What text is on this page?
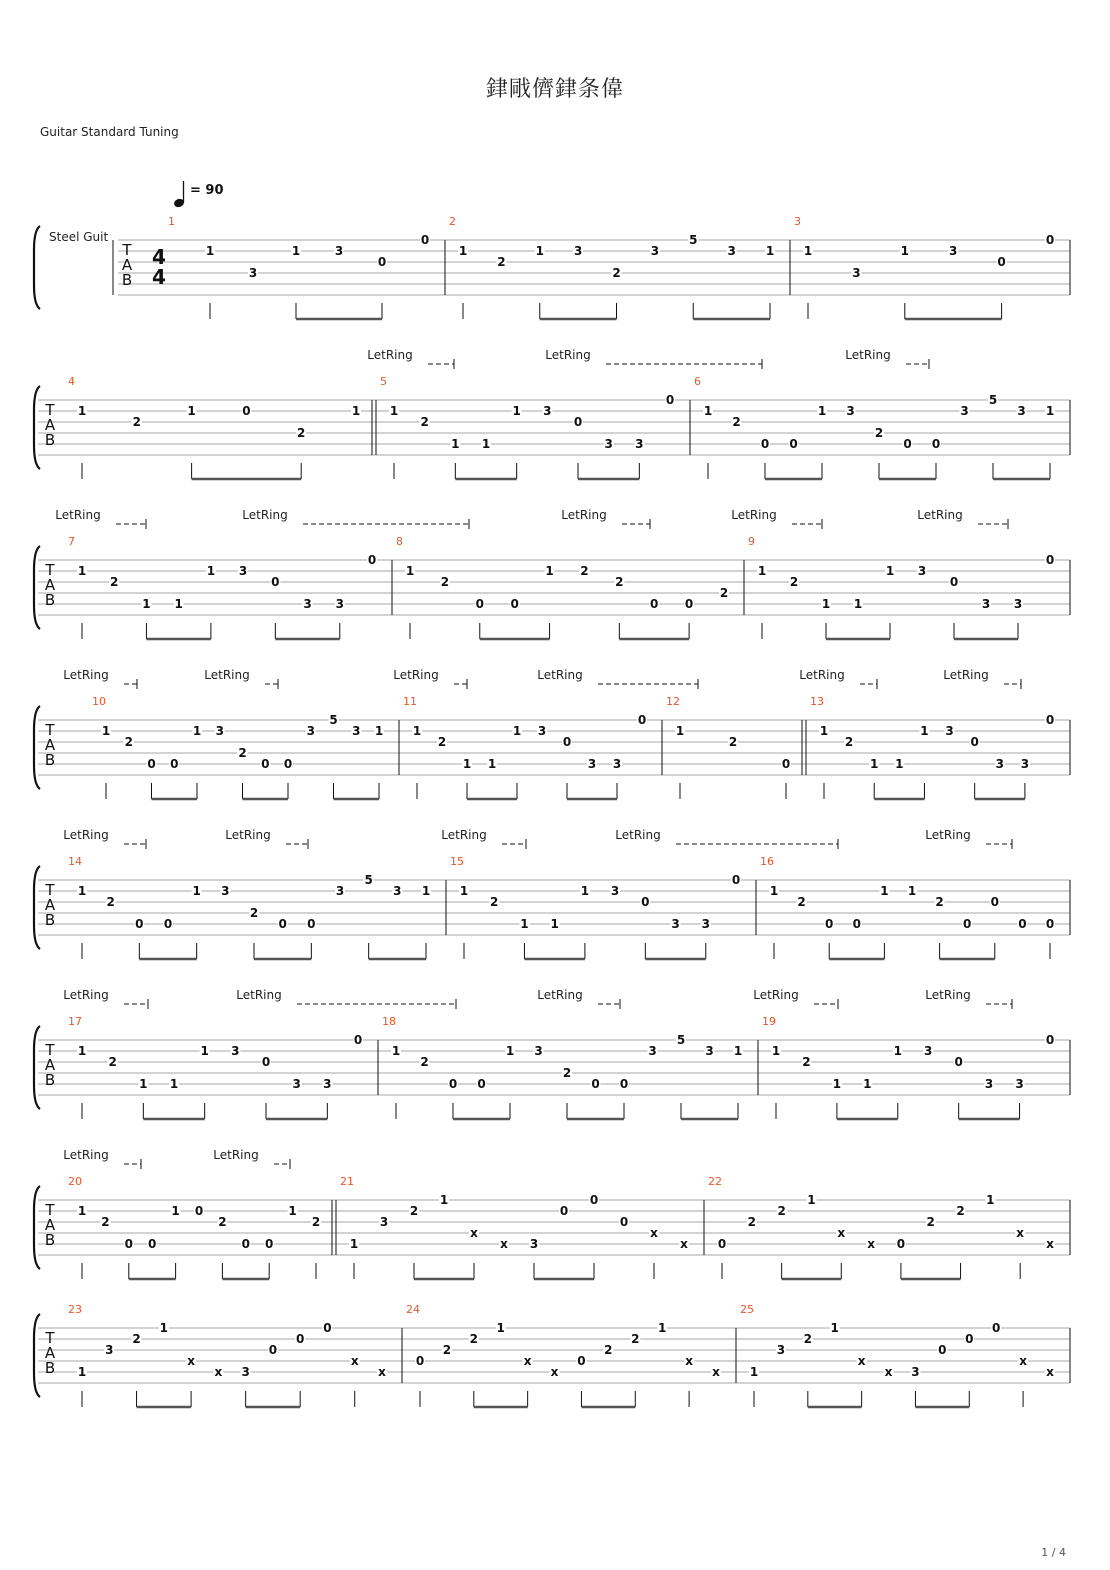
銉戙儕銉条偉
Guitar Standard Tuning
= 90
Steel Guit
T
A
B
4
4
1
1
3
1	3
0
0
2
1
2
1	3
2
3
5
3	1
3
1
3
1	3
0
0
T
A
B
LetRing	LetRing	LetRing
4
1
2
1	0
2
1
5
1
2
1 1
1 3
0
3 3
0
6
1
2
0 0
1 3
2
0 0
3
5
3 1
T
A
B
LetRing	LetRing	LetRing	LetRing	LetRing
7
1
2
1 1
1 3
0
3 3
0
8
1
2
0 0
1 2
2
0 0
2
9
1
2
1 1
1 3
0
3 3
0
T
A
B
LetRing	LetRing	LetRing	LetRing	LetRing	LetRing
10
1
2
0 0
1 3
2
0 0
3
5
3 1
11
1
2
1 1
1 3
0
3 3
0
12
1
2
0
13
1
2
1 1
1 3
0
3 3
0
T
A
B
LetRing	LetRing	LetRing	LetRing	LetRing
14
1
2
0 0
1 3
2
0 0
3
5
3 1
15
1
2
1 1
1 3
0
3 3
0
16
1
2
0 0
1 1
2
0
0
0 0
T
A
B
LetRing	LetRing	LetRing	LetRing	LetRing
17
1
2
1 1
1 3
0
3 3
0
18
1
2
0 0
1 3
2
0 0
3
5
3 1
19
1
2
1 1
1 3
0
3 3
0
T
A
B
LetRing	LetRing
20
1
2
0 0
1 0
2
0 0
1
2
21
1
3
2
1
x
x 3
0
0
0
x
x
22
0
2
2
1
x
x 0
2
2
1
x
x
T
A
B
23
1
3
2
1
x
x 3
0
0
0
x
x
24
0
2
2
1
x
x
0
2
2
1
x
x
25
1
3
2
1
x
x 3
0
0
0
x
x
1 / 4
